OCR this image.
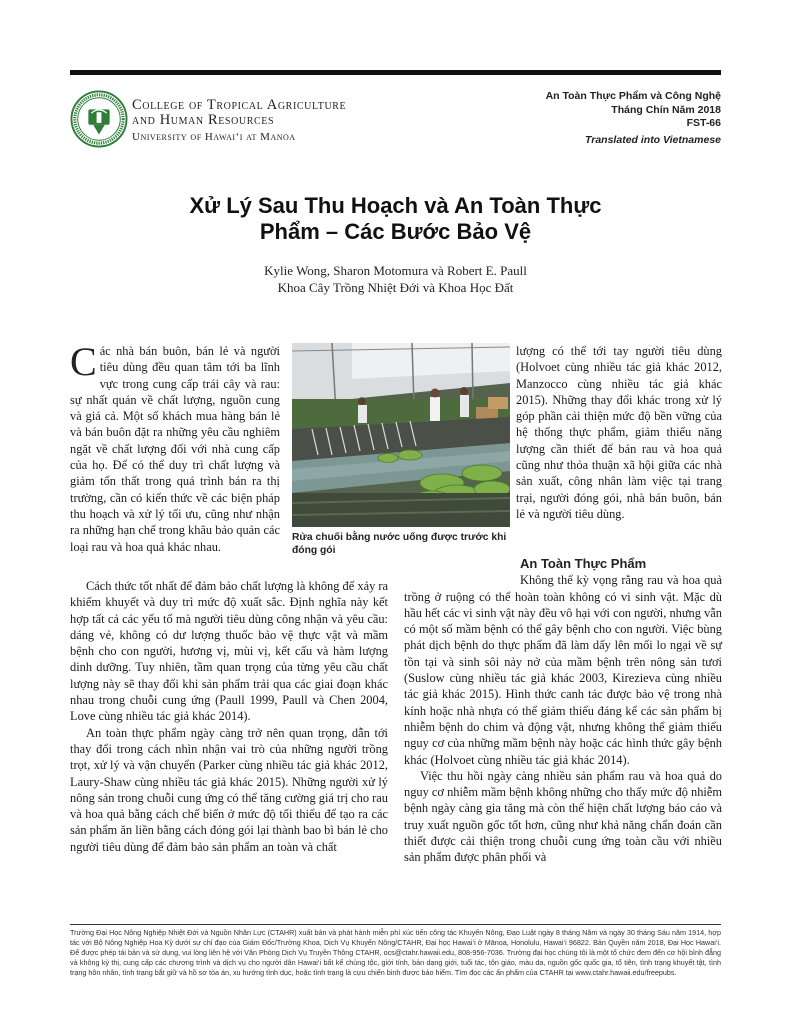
College of Tropical Agriculture
and Human Resources
University of Hawai‘i at Manoa
An Toàn Thực Phẩm và Công Nghệ
Tháng Chín Năm 2018
FST-66
Translated into Vietnamese
Xử Lý Sau Thu Hoạch và An Toàn Thực
Phẩm – Các Bước Bảo Vệ
Kylie Wong, Sharon Motomura và Robert E. Paull
Khoa Cây Trồng Nhiệt Đới và Khoa Học Đất

Các nhà bán buôn, bán lẻ và người tiêu dùng đều quan tâm tới ba lĩnh vực trong cung cấp trái cây và rau: sự nhất quán về chất lượng, nguồn cung và giá cả. Một số khách mua hàng bán lẻ và bán buôn đặt ra những yêu cầu nghiêm ngặt về chất lượng đối với nhà cung cấp của họ. Để có thể duy trì chất lượng và giảm tổn thất trong quá trình bán ra thị trường, cần có kiến thức về các biện pháp thu hoạch và xử lý tối ưu, cũng như nhận ra những hạn chế trong khâu bảo quản các loại rau và hoa quả khác nhau.

Rửa chuối bằng nước uống được trước khi đóng gói

lượng có thể tới tay người tiêu dùng (Holvoet cùng nhiều tác giả khác 2012, Manzocco cùng nhiều tác giả khác 2015). Những thay đổi khác trong xử lý góp phần cải thiện mức độ bền vững của hệ thống thực phẩm, giảm thiểu năng lượng cần thiết để bán rau và hoa quả cũng như thỏa thuận xã hội giữa các nhà sản xuất, công nhân làm việc tại trang trại, người đóng gói, nhà bán buôn, bán lẻ và người tiêu dùng.

Cách thức tốt nhất để đảm bảo chất lượng là không để xảy ra khiếm khuyết và duy trì mức độ xuất sắc. Định nghĩa này kết hợp tất cả các yếu tố mà người tiêu dùng công nhận và yêu cầu: dáng vẻ, không có dư lượng thuốc bảo vệ thực vật và mầm bệnh cho con người, hương vị, mùi vị, kết cấu và hàm lượng dinh dưỡng. Tuy nhiên, tầm quan trọng của từng yêu cầu chất lượng này sẽ thay đổi khi sản phẩm trải qua các giai đoạn khác nhau trong chuỗi cung ứng (Paull 1999, Paull và Chen 2004, Love cùng nhiều tác giả khác 2014).

An toàn thực phẩm ngày càng trở nên quan trọng, dẫn tới thay đổi trong cách nhìn nhận vai trò của những người trồng trọt, xử lý và vận chuyển (Parker cùng nhiều tác giả khác 2012, Laury-Shaw cùng nhiều tác giả khác 2015). Những người xử lý nông sản trong chuỗi cung ứng có thể tăng cường giá trị cho rau và hoa quả bằng cách chế biến ở mức độ tối thiểu để tạo ra các sản phẩm ăn liền bằng cách đóng gói lại thành bao bì bán lẻ cho người tiêu dùng để đảm bảo sản phẩm an toàn và chất

An Toàn Thực Phẩm

Không thể kỳ vọng rằng rau và hoa quả trồng ở ruộng có thể hoàn toàn không có vi sinh vật. Mặc dù hầu hết các vi sinh vật này đều vô hại với con người, nhưng vẫn có một số mầm bệnh có thể gây bệnh cho con người. Việc bùng phát dịch bệnh do thực phẩm đã làm dấy lên mối lo ngại về sự tồn tại và sinh sôi nảy nở của mầm bệnh trên nông sản tươi (Suslow cùng nhiều tác giả khác 2003, Kirezieva cùng nhiều tác giả khác 2015). Hình thức canh tác được bảo vệ trong nhà kính hoặc nhà nhựa có thể giảm thiểu đáng kể các sản phẩm bị nhiễm bệnh do chim và động vật, nhưng không thể giảm thiểu nguy cơ của những mầm bệnh này hoặc các hình thức gây bệnh khác (Holvoet cùng nhiều tác giả khác 2014).

Việc thu hồi ngày càng nhiều sản phẩm rau và hoa quả do nguy cơ nhiễm mầm bệnh không những cho thấy mức độ nhiễm bệnh ngày càng gia tăng mà còn thể hiện chất lượng báo cáo và truy xuất nguồn gốc tốt hơn, cũng như khả năng chẩn đoán cần thiết được cải thiện trong chuỗi cung ứng toàn cầu với nhiều sản phẩm được phân phối và

Trường Đại Học Nông Nghiệp Nhiệt Đới và Nguồn Nhân Lực (CTAHR) xuất bản và phát hành miễn phí xúc tiến công tác Khuyến Nông, Đạo Luật ngày 8 tháng Năm và ngày 30 tháng Sáu năm 1914, hợp tác với Bộ Nông Nghiệp Hoa Kỳ dưới sự chỉ đạo của Giám Đốc/Trưởng Khoa, Dịch Vụ Khuyến Nông/CTAHR, Đại học Hawai‘i ở Mānoa, Honolulu, Hawai‘i 96822. Bản Quyền năm 2018, Đại Học Hawai‘i. Để được phép tái bản và sử dụng, vui lòng liên hệ với Văn Phòng Dịch Vụ Truyền Thông CTAHR, ocs@ctahr.hawaii.edu, 808-956-7036. Trường đại học chúng tôi là một tổ chức đem đến cơ hội bình đẳng và không kỳ thị, cung cấp các chương trình và dịch vụ cho người dân Hawai‘i bất kể chủng tộc, giới tính, bản dạng giới, tuổi tác, tôn giáo, màu da, nguồn gốc quốc gia, tổ tiên, tình trạng khuyết tật, tình trạng hôn nhân, tình trạng bắt giữ và hồ sơ tòa án, xu hướng tình dục, hoặc tình trạng là cựu chiến binh được bảo hiểm. Tìm đọc các ấn phẩm của CTAHR tại www.ctahr.hawaii.edu/freepubs.
